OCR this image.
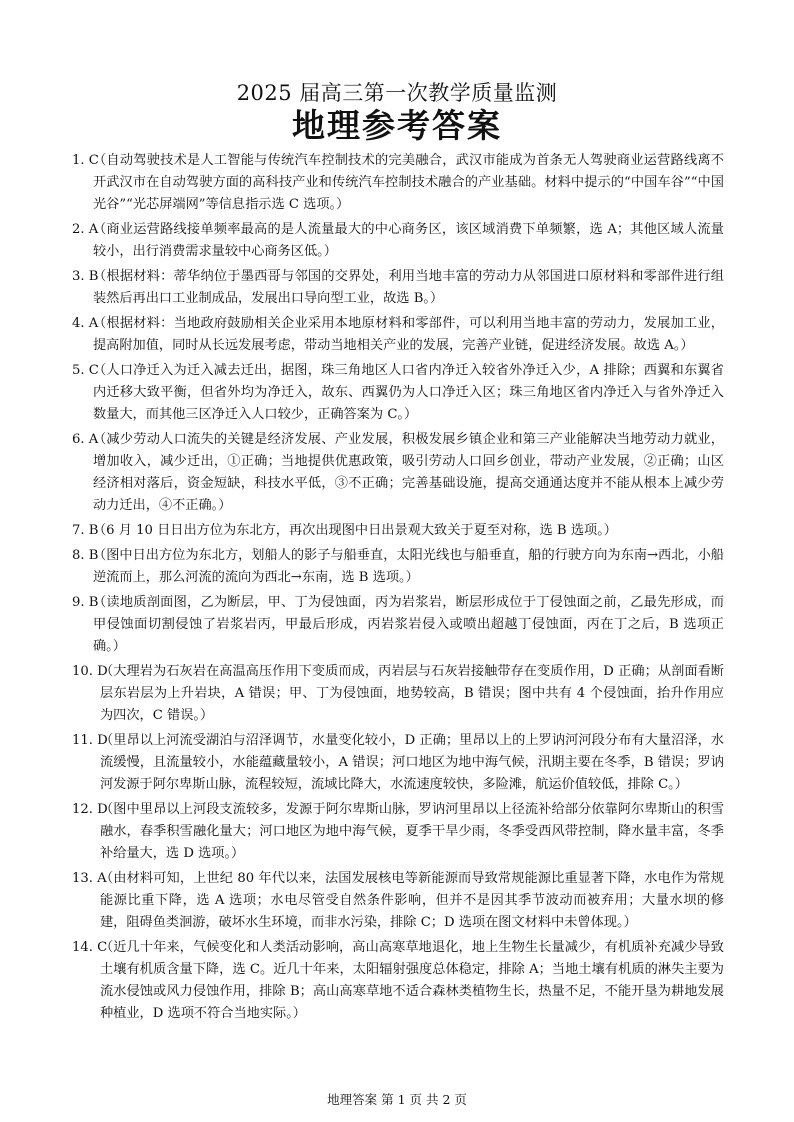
2025 届高三第一次教学质量监测
地理参考答案
1. C
（自动驾驶技术是人工智能与传统汽车控制技术的完美融合，武汉市能成为首条无人驾驶商业运营路线离不开武汉市在自动驾驶方面的高科技产业和传统汽车控制技术融合的产业基础。材料中提示的“中国车谷”“中国光谷”“光芯屏端网”等信息指示选 C 选项。）
2. A
（商业运营路线接单频率最高的是人流量最大的中心商务区，该区域消费下单频繁，选 A；其他区域人流量较小，出行消费需求量较中心商务区低。）
3. B
（根据材料：蒂华纳位于墨西哥与邻国的交界处，利用当地丰富的劳动力从邻国进口原材料和零部件进行组装然后再出口工业制成品，发展出口导向型工业，故选 B。）
4. A
（根据材料：当地政府鼓励相关企业采用本地原材料和零部件，可以利用当地丰富的劳动力，发展加工业，提高附加值，同时从长远发展考虑，带动当地相关产业的发展，完善产业链，促进经济发展。故选 A。）
5. C
（人口净迁入为迁入减去迁出，据图，珠三角地区人口省内净迁入较省外净迁入少，A 排除；西翼和东翼省内迁移大致平衡，但省外均为净迁入，故东、西翼仍为人口净迁入区；珠三角地区省内净迁入与省外净迁入数量大，而其他三区净迁入人口较少，正确答案为 C。）
6. A
（减少劳动人口流失的关键是经济发展、产业发展，积极发展乡镇企业和第三产业能解决当地劳动力就业，增加收入，减少迁出，①正确；当地提供优惠政策，吸引劳动人口回乡创业，带动产业发展，②正确；山区经济相对落后，资金短缺，科技水平低，③不正确；完善基础设施，提高交通通达度并不能从根本上减少劳动力迁出，④不正确。）
7. B
（6 月 10 日日出方位为东北方，再次出现图中日出景观大致关于夏至对称，选 B 选项。）
8. B
（图中日出方位为东北方，划船人的影子与船垂直，太阳光线也与船垂直，船的行驶方向为东南→西北，小船逆流而上，那么河流的流向为西北→东南，选 B 选项。）
9. B
（读地质剖面图，乙为断层，甲、丁为侵蚀面，丙为岩浆岩，断层形成位于丁侵蚀面之前，乙最先形成，而甲侵蚀面切割侵蚀了岩浆岩丙，甲最后形成，丙岩浆岩侵入或喷出超越丁侵蚀面，丙在丁之后，B 选项正确。）
10. D
（大理岩为石灰岩在高温高压作用下变质而成，丙岩层与石灰岩接触带存在变质作用，D 正确；从剖面看断层东岩层为上升岩块，A 错误；甲、丁为侵蚀面，地势较高，B 错误；图中共有 4 个侵蚀面，抬升作用应为四次，C 错误。）
11. D
（里昂以上河流受湖泊与沼泽调节，水量变化较小，D 正确；里昂以上的上罗讷河河段分布有大量沼泽，水流缓慢，且流量较小，水能蕴藏量较小，A 错误；河口地区为地中海气候，汛期主要在冬季，B 错误；罗讷河发源于阿尔卑斯山脉，流程较短，流域比降大，水流速度较快，多险滩，航运价值较低，排除 C。）
12. D
（图中里昂以上河段支流较多，发源于阿尔卑斯山脉，罗讷河里昂以上径流补给部分依靠阿尔卑斯山的积雪融水，春季积雪融化量大；河口地区为地中海气候，夏季干旱少雨，冬季受西风带控制，降水量丰富，冬季补给量大，选 D 选项。）
13. A
（由材料可知，上世纪 80 年代以来，法国发展核电等新能源而导致常规能源比重显著下降，水电作为常规能源比重下降，选 A 选项；水电尽管受自然条件影响，但并不是因其季节波动而被弃用；大量水坝的修建，阻碍鱼类洄游，破坏水生环境，而非水污染，排除 C；D 选项在图文材料中未曾体现。）
14. C
（近几十年来，气候变化和人类活动影响，高山高寒草地退化，地上生物生长量减少，有机质补充减少导致土壤有机质含量下降，选 C。近几十年来，太阳辐射强度总体稳定，排除 A；当地土壤有机质的淋失主要为流水侵蚀或风力侵蚀作用，排除 B；高山高寒草地不适合森林类植物生长，热量不足，不能开垦为耕地发展种植业，D 选项不符合当地实际。）
地理答案 第 1 页 共 2 页
